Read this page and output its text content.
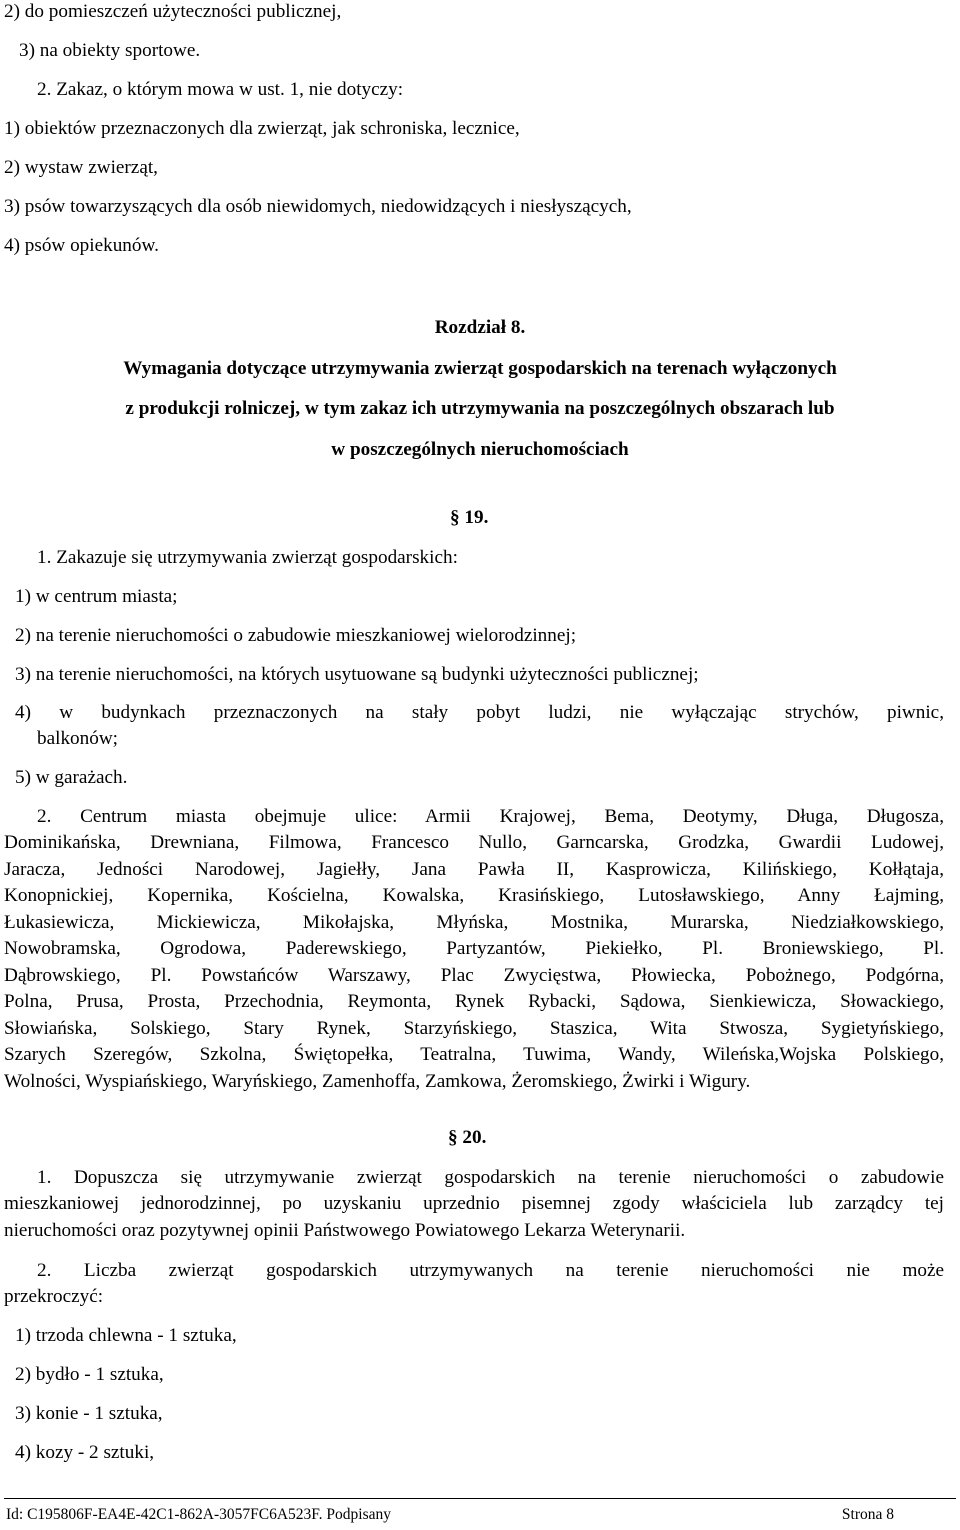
2) do pomieszczeń użyteczności publicznej,
3) na obiekty sportowe.
2. Zakaz, o którym mowa w ust. 1, nie dotyczy:
1) obiektów przeznaczonych dla zwierząt, jak schroniska, lecznice,
2) wystaw zwierząt,
3) psów towarzyszących dla osób niewidomych, niedowidzących i niesłyszących,
4) psów opiekunów.
Rozdział 8.
Wymagania dotyczące utrzymywania zwierząt gospodarskich na terenach wyłączonych
z produkcji rolniczej, w tym zakaz ich utrzymywania na poszczególnych obszarach lub
w poszczególnych nieruchomościach
§ 19.
1. Zakazuje się utrzymywania zwierząt gospodarskich:
1) w centrum miasta;
2) na terenie nieruchomości o zabudowie mieszkaniowej wielorodzinnej;
3) na terenie nieruchomości, na których usytuowane są budynki użyteczności publicznej;
4) w budynkach przeznaczonych na stały pobyt ludzi, nie wyłączając strychów, piwnic,
balkonów;
5) w garażach.
2. Centrum miasta obejmuje ulice: Armii Krajowej, Bema, Deotymy, Długa, Długosza,
Dominikańska, Drewniana, Filmowa, Francesco Nullo, Garncarska, Grodzka, Gwardii Ludowej,
Jaracza, Jedności Narodowej, Jagiełły, Jana Pawła II, Kasprowicza, Kilińskiego, Kołłątaja,
Konopnickiej, Kopernika, Kościelna, Kowalska, Krasińskiego, Lutosławskiego, Anny Łajming,
Łukasiewicza, Mickiewicza, Mikołajska, Młyńska, Mostnika, Murarska, Niedziałkowskiego,
Nowobramska, Ogrodowa, Paderewskiego, Partyzantów, Piekiełko, Pl. Broniewskiego, Pl.
Dąbrowskiego, Pl. Powstańców Warszawy, Plac Zwycięstwa, Płowiecka, Pobożnego, Podgórna,
Polna, Prusa, Prosta, Przechodnia, Reymonta, Rynek Rybacki, Sądowa, Sienkiewicza, Słowackiego,
Słowiańska, Solskiego, Stary Rynek, Starzyńskiego, Staszica, Wita Stwosza, Sygietyńskiego,
Szarych Szeregów, Szkolna, Świętopełka, Teatralna, Tuwima, Wandy, Wileńska,Wojska Polskiego,
Wolności, Wyspiańskiego, Waryńskiego, Zamenhoffa, Zamkowa, Żeromskiego, Żwirki i Wigury.
§ 20.
1. Dopuszcza się utrzymywanie zwierząt gospodarskich na terenie nieruchomości o zabudowie
mieszkaniowej jednorodzinnej, po uzyskaniu uprzednio pisemnej zgody właściciela lub zarządcy tej
nieruchomości oraz pozytywnej opinii Państwowego Powiatowego Lekarza Weterynarii.
2. Liczba zwierząt gospodarskich utrzymywanych na terenie nieruchomości nie może
przekroczyć:
1) trzoda chlewna - 1 sztuka,
2) bydło - 1 sztuka,
3) konie - 1 sztuka,
4) kozy - 2 sztuki,
Id: C195806F-EA4E-42C1-862A-3057FC6A523F. Podpisany	Strona 8
